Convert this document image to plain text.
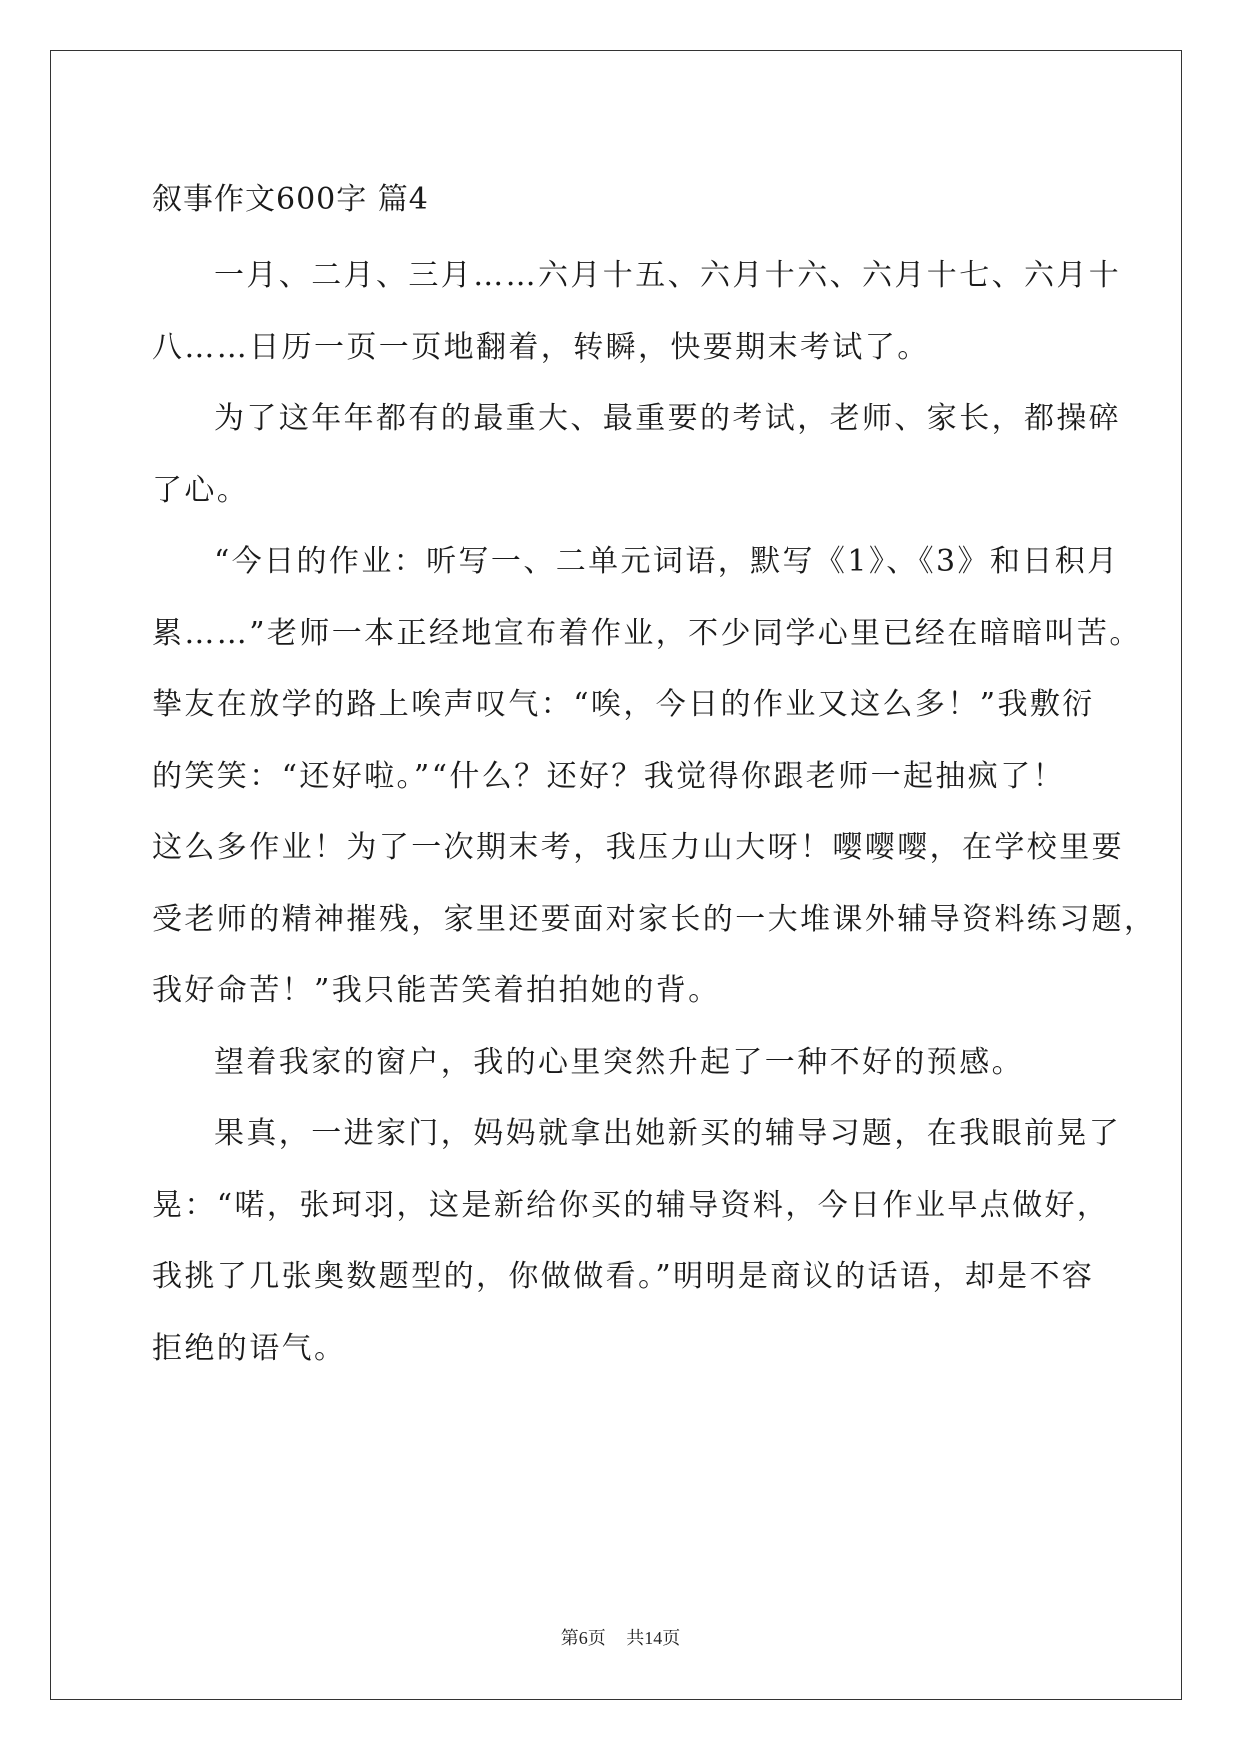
叙事作文600字 篇4

一月、二月、三月……六月十五、六月十六、六月十七、六月十
八……日历一页一页地翻着，转瞬，快要期末考试了。
为了这年年都有的最重大、最重要的考试，老师、家长，都操碎
了心。
“今日的作业：听写一、二单元词语，默写《1》、《3》和日积月
累……”老师一本正经地宣布着作业，不少同学心里已经在暗暗叫苦。
挚友在放学的路上唉声叹气：“唉，今日的作业又这么多！”我敷衍
的笑笑：“还好啦。”“什么？还好？我觉得你跟老师一起抽疯了！
这么多作业！为了一次期末考，我压力山大呀！嘤嘤嘤，在学校里要
受老师的精神摧残，家里还要面对家长的一大堆课外辅导资料练习题，
我好命苦！”我只能苦笑着拍拍她的背。
望着我家的窗户，我的心里突然升起了一种不好的预感。
果真，一进家门，妈妈就拿出她新买的辅导习题，在我眼前晃了
晃：“喏，张珂羽，这是新给你买的辅导资料，今日作业早点做好，
我挑了几张奥数题型的，你做做看。”明明是商议的话语，却是不容
拒绝的语气。
第6页 共14页
